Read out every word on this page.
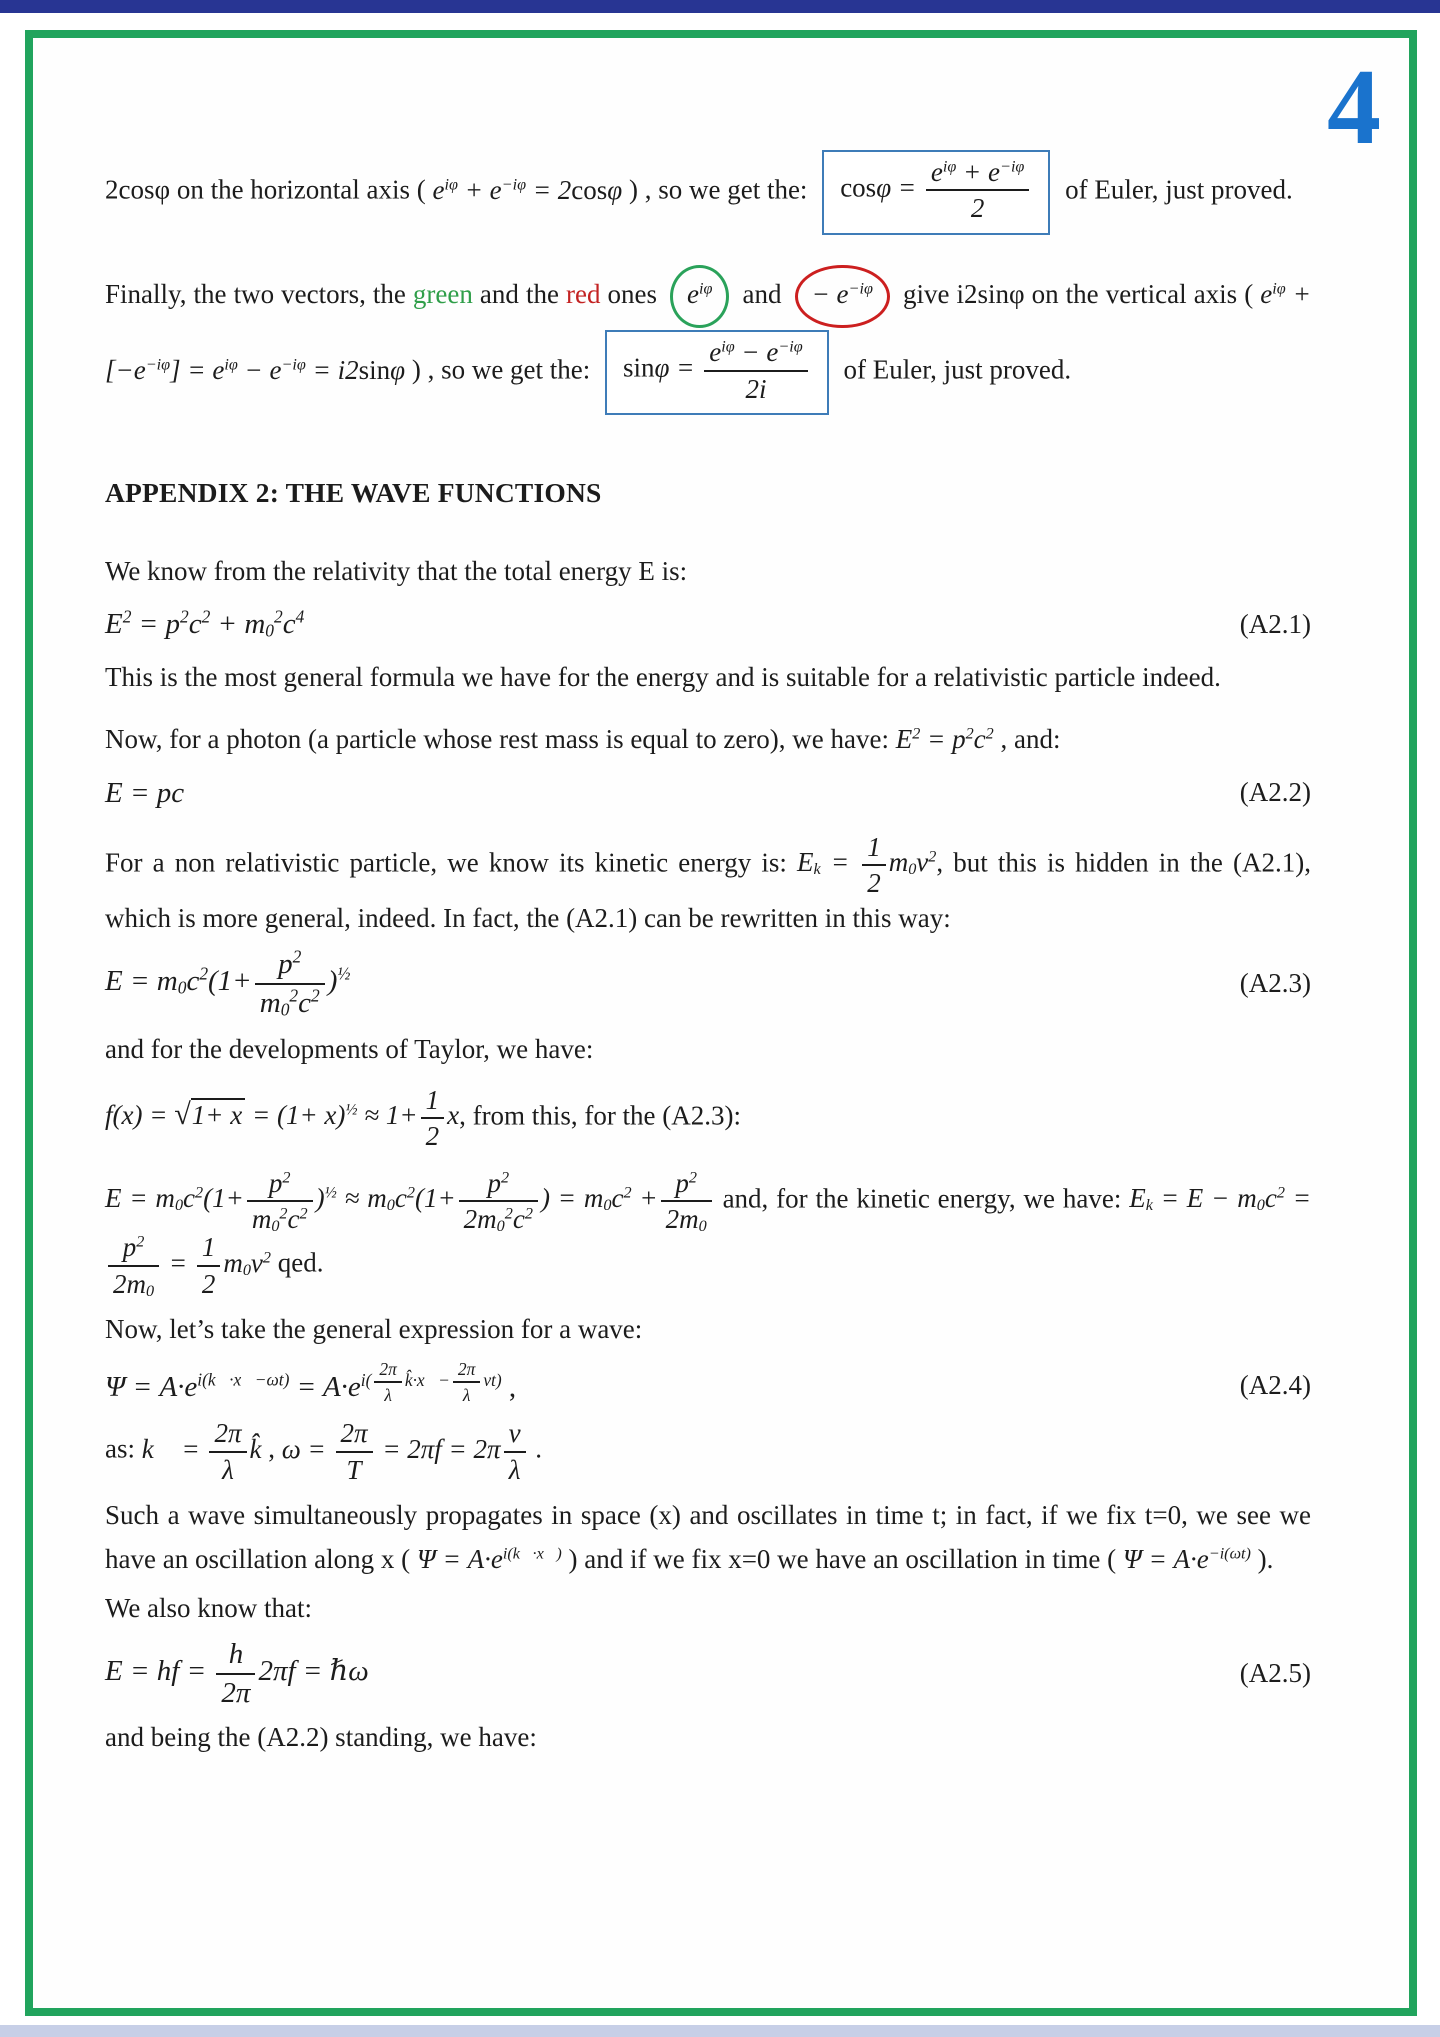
4
2cosφ on the horizontal axis ( $e^{i\varphi} + e^{-i\varphi} = 2\cos\varphi$ ) , so we get the: $\cos\varphi = \frac{e^{i\varphi} + e^{-i\varphi}}{2}$ of Euler, just proved.
Finally, the two vectors, the green and the red ones $e^{i\varphi}$ and − $e^{-i\varphi}$ give i2sinφ on the vertical axis ( $e^{i\varphi} + [-e^{-i\varphi}] = e^{i\varphi} - e^{-i\varphi} = i2\sin\varphi$ ) , so we get the: $\sin\varphi = \frac{e^{i\varphi} - e^{-i\varphi}}{2i}$ of Euler, just proved.
APPENDIX 2: THE WAVE FUNCTIONS
We know from the relativity that the total energy E is:
$E^2 = p^2c^2 + m_0^2c^4$	(A2.1)
This is the most general formula we have for the energy and is suitable for a relativistic particle indeed.
Now, for a photon (a particle whose rest mass is equal to zero), we have: $E^2 = p^2c^2$ , and:
E = pc	(A2.2)
For a non relativistic particle, we know its kinetic energy is: $E_k = \frac{1}{2} m_0v^2$, but this is hidden in the (A2.1), which is more general, indeed. In fact, the (A2.1) can be rewritten in this way:
$E = m_0c^2(1+ \frac{p^2}{m_0^2c^2} )^{\frac{1}{2}}$	(A2.3)
and for the developments of Taylor, we have:
$f(x) = √1+ x = (1+ x)^{\frac{1}{2}} \approx 1+ \frac{1}{2} x$, from this, for the (A2.3):
$E = m_0c^2(1+ \frac{p^2}{m_0^2c^2} )^{\frac{1}{2}} \approx m_0c^2(1+ \frac{p^2}{2m_0^2c^2}$ ) = $m_0c^2 + \frac{p^2}{2m_0}$ and, for the kinetic energy, we have: $E_k = E - m_0c^2$ =
$\frac{p^2}{2m_0} = \frac{1}{2} m_0v^2$ qed.
Now, let’s take the general expression for a wave:
$\Psi = A\cdot e^{i(k⃗\cdot x⃗-\omega t)} = A\cdot e^{i( \frac{2\pi}{\lambda} k̂\cdot x⃗- \frac{2\pi}{\lambda} vt)}$ ,	(A2.4)
as: k⃗ = $\frac{2\pi}{\lambda}$ k̂ , $\omega = \frac{2\pi}{T} = 2\pi f = 2\pi \frac{v}{\lambda}$ .
Such a wave simultaneously propagates in space (x) and oscillates in time t; in fact, if we fix t=0, we see we have an oscillation along x ( $\Psi = A\cdot e^{i(k⃗\cdot x⃗)}$ ) and if we fix x=0 we have an oscillation in time ( $\Psi = A\cdot e^{-i(\omega t)}$ ).
We also know that:
E = hf = $\frac{h}{2\pi} 2\pi f$ = ℏω	(A2.5)
and being the (A2.2) standing, we have:
